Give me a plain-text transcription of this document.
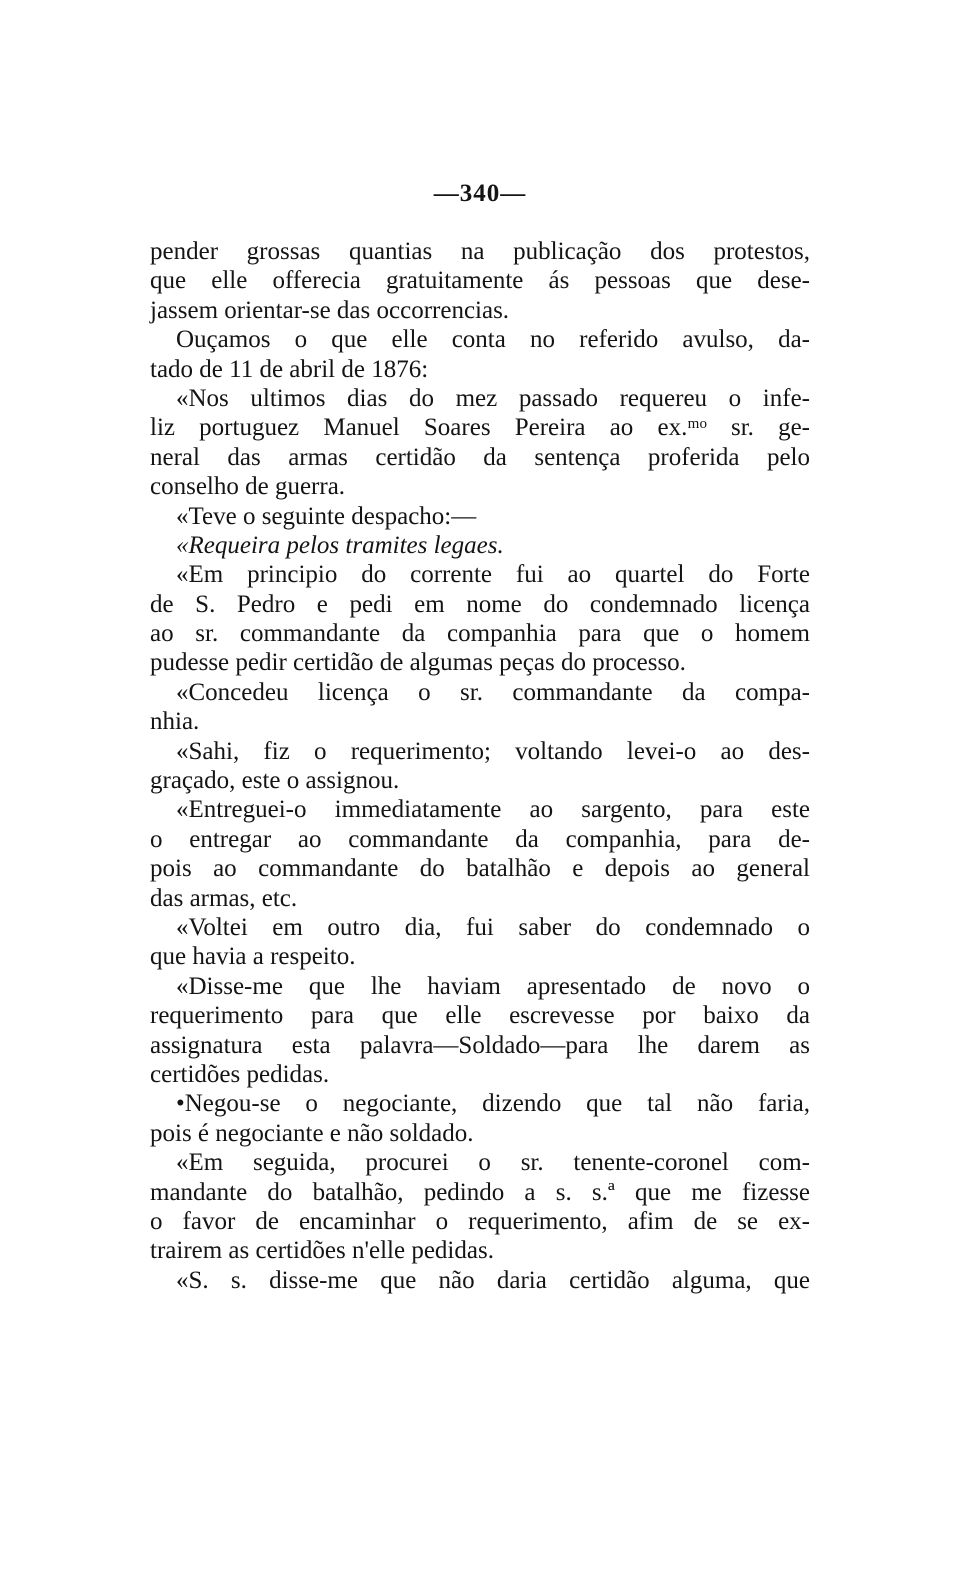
—340—
pender grossas quantias na publicação dos protestos,
que elle offerecia gratuitamente ás pessoas que dese-
jassem orientar-se das occorrencias.
Ouçamos o que elle conta no referido avulso, da-
tado de 11 de abril de 1876:
«Nos ultimos dias do mez passado requereu o infe-
liz portuguez Manuel Soares Pereira ao ex.ᵐᵒ sr. ge-
neral das armas certidão da sentença proferida pelo
conselho de guerra.
«Teve o seguinte despacho:—
«Requeira pelos tramites legaes.
«Em principio do corrente fui ao quartel do Forte
de S. Pedro e pedi em nome do condemnado licença
ao sr. commandante da companhia para que o homem
pudesse pedir certidão de algumas peças do processo.
«Concedeu licença o sr. commandante da compa-
nhia.
«Sahi, fiz o requerimento; voltando levei-o ao des-
graçado, este o assignou.
«Entreguei-o immediatamente ao sargento, para este
o entregar ao commandante da companhia, para de-
pois ao commandante do batalhão e depois ao general
das armas, etc.
«Voltei em outro dia, fui saber do condemnado o
que havia a respeito.
«Disse-me que lhe haviam apresentado de novo o
requerimento para que elle escrevesse por baixo da
assignatura esta palavra—Soldado—para lhe darem as
certidões pedidas.
•Negou-se o negociante, dizendo que tal não faria,
pois é negociante e não soldado.
«Em seguida, procurei o sr. tenente-coronel com-
mandante do batalhão, pedindo a s. s.ª que me fizesse
o favor de encaminhar o requerimento, afim de se ex-
trairem as certidões n'elle pedidas.
«S. s. disse-me que não daria certidão alguma, que
